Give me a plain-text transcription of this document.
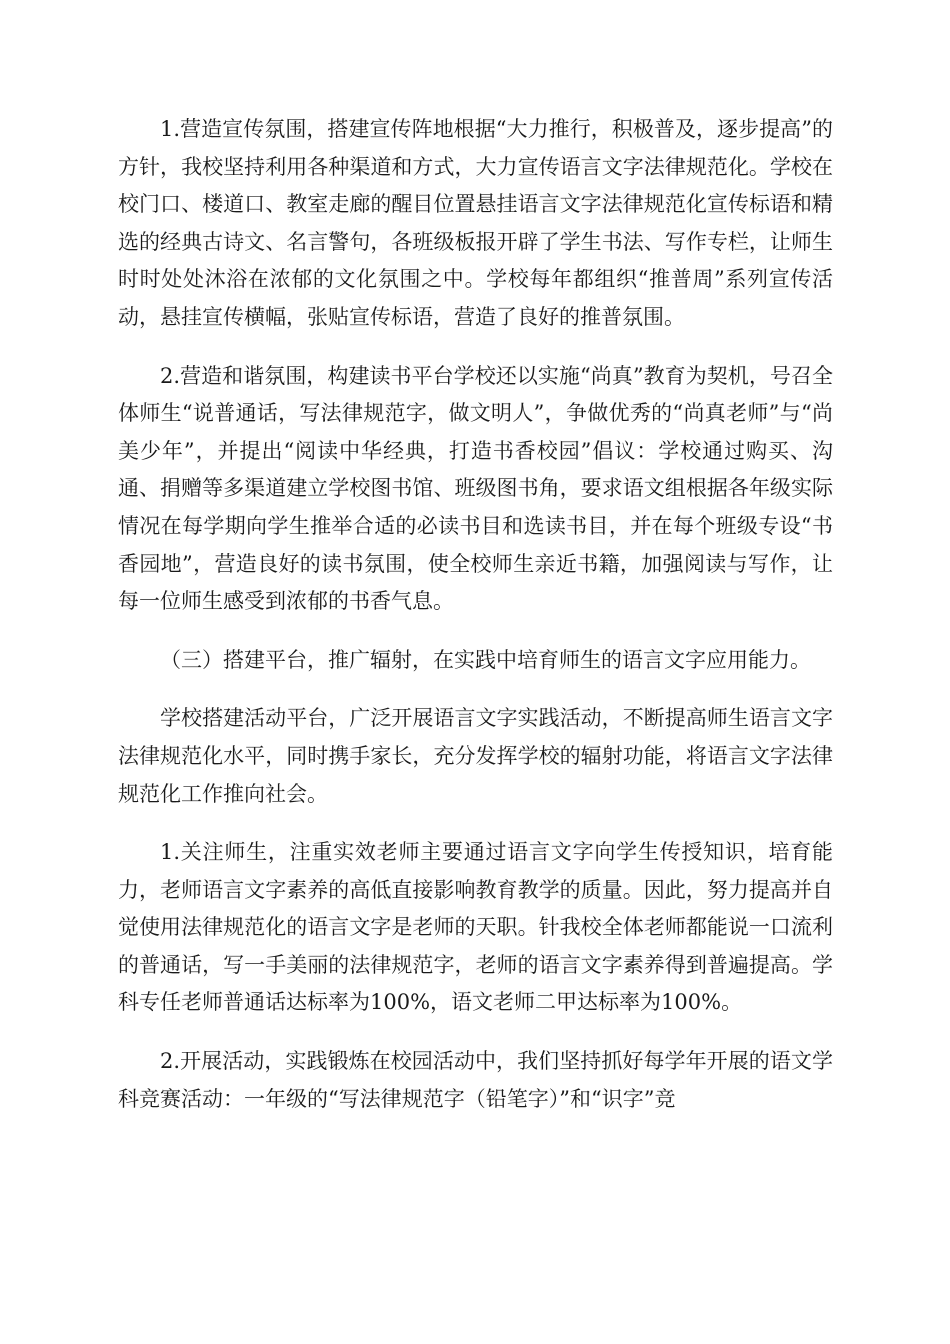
1.营造宣传氛围，搭建宣传阵地根据“大力推行，积极普及，逐步提高”的方针，我校坚持利用各种渠道和方式，大力宣传语言文字法律规范化。学校在校门口、楼道口、教室走廊的醒目位置悬挂语言文字法律规范化宣传标语和精选的经典古诗文、名言警句，各班级板报开辟了学生书法、写作专栏，让师生时时处处沐浴在浓郁的文化氛围之中。学校每年都组织“推普周”系列宣传活动，悬挂宣传横幅，张贴宣传标语，营造了良好的推普氛围。

2.营造和谐氛围，构建读书平台学校还以实施“尚真”教育为契机，号召全体师生“说普通话，写法律规范字，做文明人”，争做优秀的“尚真老师”与“尚美少年”，并提出“阅读中华经典，打造书香校园”倡议：学校通过购买、沟通、捐赠等多渠道建立学校图书馆、班级图书角，要求语文组根据各年级实际情况在每学期向学生推举合适的必读书目和选读书目，并在每个班级专设“书香园地”，营造良好的读书氛围，使全校师生亲近书籍，加强阅读与写作，让每一位师生感受到浓郁的书香气息。

（三）搭建平台，推广辐射，在实践中培育师生的语言文字应用能力。

学校搭建活动平台，广泛开展语言文字实践活动，不断提高师生语言文字法律规范化水平，同时携手家长，充分发挥学校的辐射功能，将语言文字法律规范化工作推向社会。

1.关注师生，注重实效老师主要通过语言文字向学生传授知识，培育能力，老师语言文字素养的高低直接影响教育教学的质量。因此，努力提高并自觉使用法律规范化的语言文字是老师的天职。针我校全体老师都能说一口流利的普通话，写一手美丽的法律规范字，老师的语言文字素养得到普遍提高。学科专任老师普通话达标率为100%，语文老师二甲达标率为100%。

2.开展活动，实践锻炼在校园活动中，我们坚持抓好每学年开展的语文学科竞赛活动：一年级的“写法律规范字（铅笔字）”和“识字”竞
